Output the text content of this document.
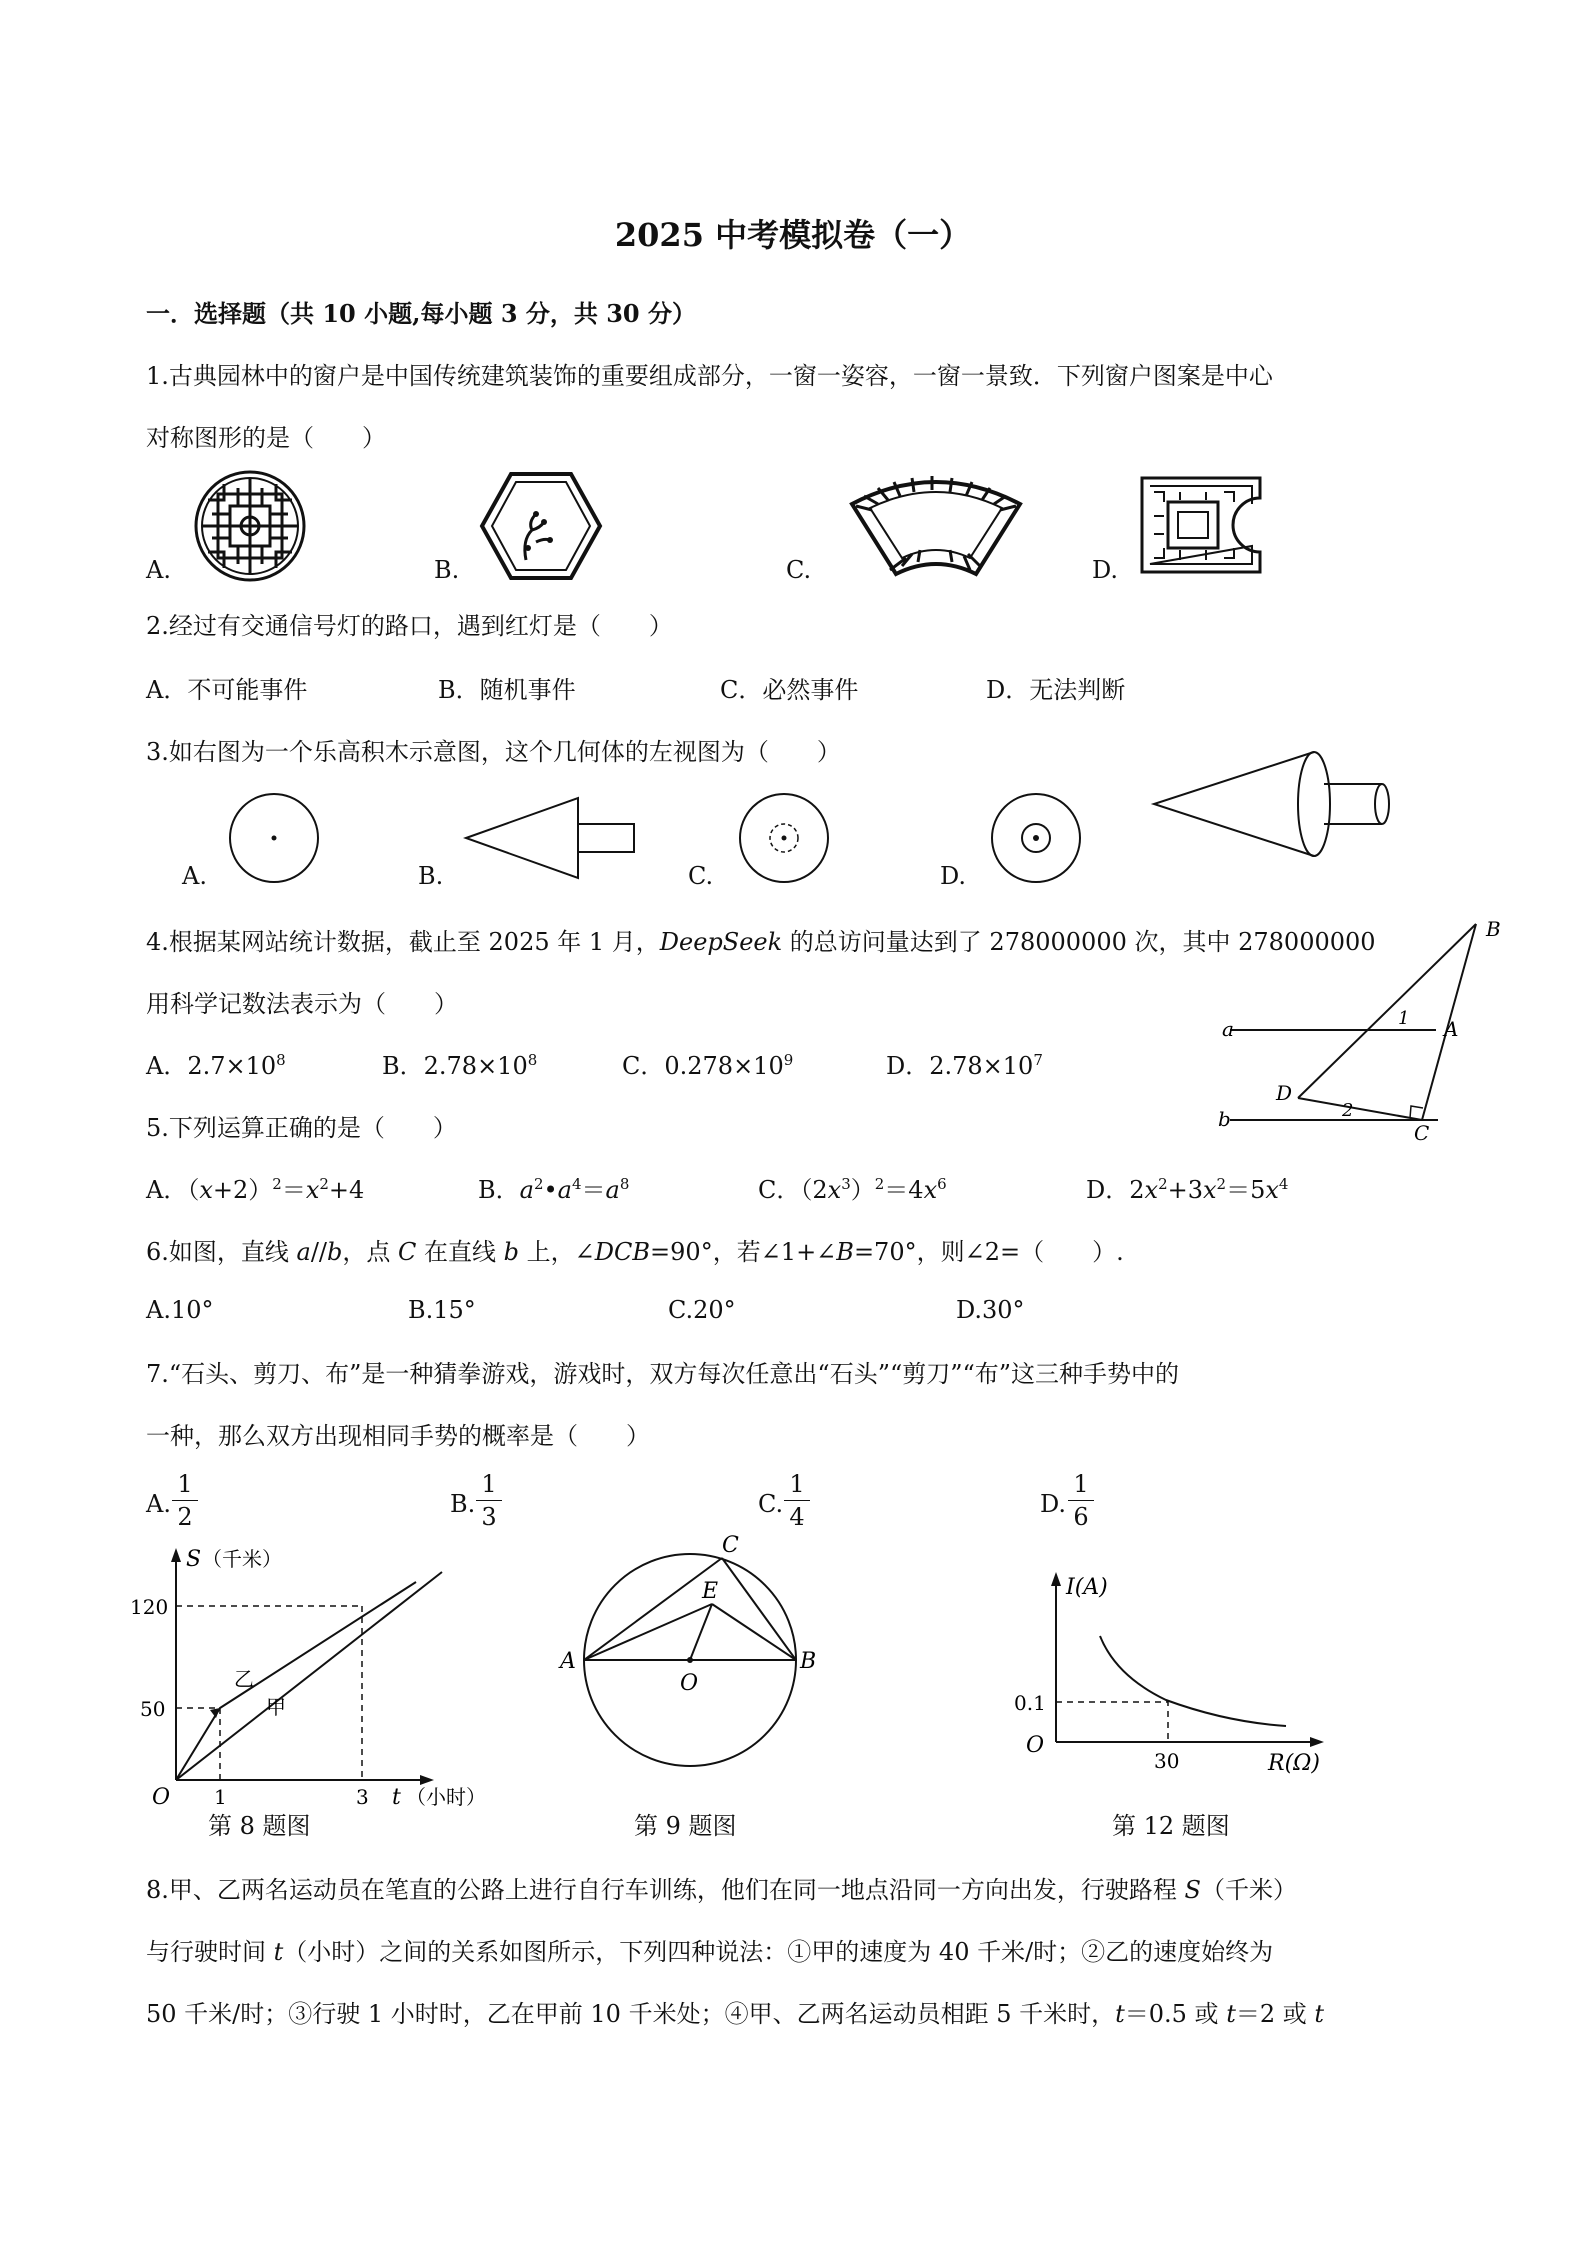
2025 中考模拟卷（一）
一．选择题（共 10 小题,每小题 3 分，共 30 分）
1.古典园林中的窗户是中国传统建筑装饰的重要组成部分，一窗一姿容，一窗一景致．下列窗户图案是中心
对称图形的是（　　）
A.	B.	C.	D.
2.经过有交通信号灯的路口，遇到红灯是（　　）
A．不可能事件	B．随机事件	C．必然事件	D．无法判断
3.如右图为一个乐高积木示意图，这个几何体的左视图为（　　）
A.	B.	C.	D.
4.根据某网站统计数据，截止至 2025 年 1 月，DeepSeek 的总访问量达到了 278000000 次，其中 278000000
用科学记数法表示为（　　）
A．$2.7\times 10^8$	B．$2.78\times 10^8$	C．$0.278\times 10^9$	D．$2.78\times 10^7$
B
a	1 A
D
2
b
C
5.下列运算正确的是（　　）
A．$(x+2)^2=x^2+4$	B．$a^2•a^4=a^8$	C．$(2x^3)^2=4x^6$	D．$2x^2+3x^2=5x^4$
6.如图，直线 a//b，点 C 在直线 b 上，∠DCB=90°，若∠1+∠B=70°，则∠2=（　　）.
A.10°	B.15°	C.20°	D.30°
7.“石头、剪刀、布”是一种猜拳游戏，游戏时，双方每次任意出“石头”“剪刀”“布”这三种手势中的
一种，那么双方出现相同手势的概率是（　　）
A. $\frac{1}{2}$	B. $\frac{1}{3}$	C. $\frac{1}{4}$	D. $\frac{1}{6}$
S （千米）
120
50
O 1	3 t （小时）
乙
甲
第 8 题图
A	B
C
E
O
第 9 题图
I(A)
0.1
O
30	R(Ω)
第 12 题图
8.甲、乙两名运动员在笔直的公路上进行自行车训练，他们在同一地点沿同一方向出发，行驶路程 S（千米）
与行驶时间 t（小时）之间的关系如图所示，下列四种说法：①甲的速度为 40 千米/时；②乙的速度始终为
50 千米/时；③行驶 1 小时时，乙在甲前 10 千米处；④甲、乙两名运动员相距 5 千米时，t＝0.5 或 t＝2 或 t
